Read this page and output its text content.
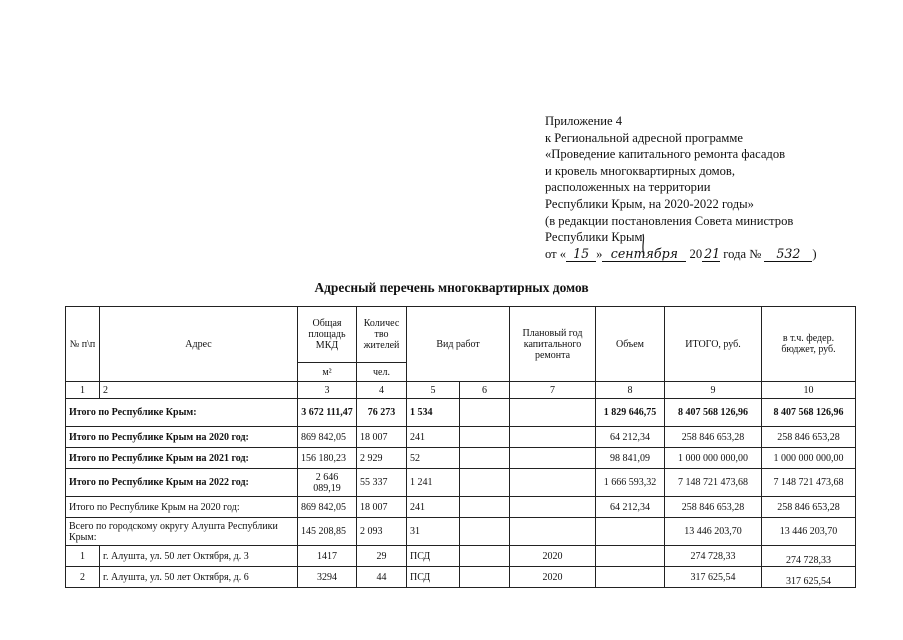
Приложение 4
к Региональной адресной программе
«Проведение капитального ремонта фасадов
и кровель многоквартирных домов,
расположенных на территории
Республики Крым, на 2020-2022 годы»
(в редакции постановления Совета министров
Республики Крым
от « 15 » сентября 20 21 года № 532 )
Адресный перечень многоквартирных домов
№ п\п	Адрес	Общая площадь МКД	Количес тво жителей	Вид работ		Плановый год капитального ремонта	Объем	ИТОГО, руб.	в т.ч. федер. бюджет, руб.
		м²	чел.						
1	2	3	4	5	6	7	8	9	10
Итого по Республике Крым:		3 672 111,47	76 273	1 534			1 829 646,75	8 407 568 126,96	8 407 568 126,96
Итого по Республике Крым на 2020 год:		869 842,05	18 007	241			64 212,34	258 846 653,28	258 846 653,28
Итого по Республике Крым на 2021 год:		156 180,23	2 929	52			98 841,09	1 000 000 000,00	1 000 000 000,00
Итого по Республике Крым на 2022 год:		2 646 089,19	55 337	1 241			1 666 593,32	7 148 721 473,68	7 148 721 473,68
Итого по Республике Крым на 2020 год:		869 842,05	18 007	241			64 212,34	258 846 653,28	258 846 653,28
Всего по городскому округу Алушта Республики Крым:		145 208,85	2 093	31				13 446 203,70	13 446 203,70
1	г. Алушта, ул. 50 лет Октября, д. 3	1417	29	ПСД		2020		274 728,33	274 728,33
2	г. Алушта, ул. 50 лет Октября, д. 6	3294	44	ПСД		2020		317 625,54	317 625,54
